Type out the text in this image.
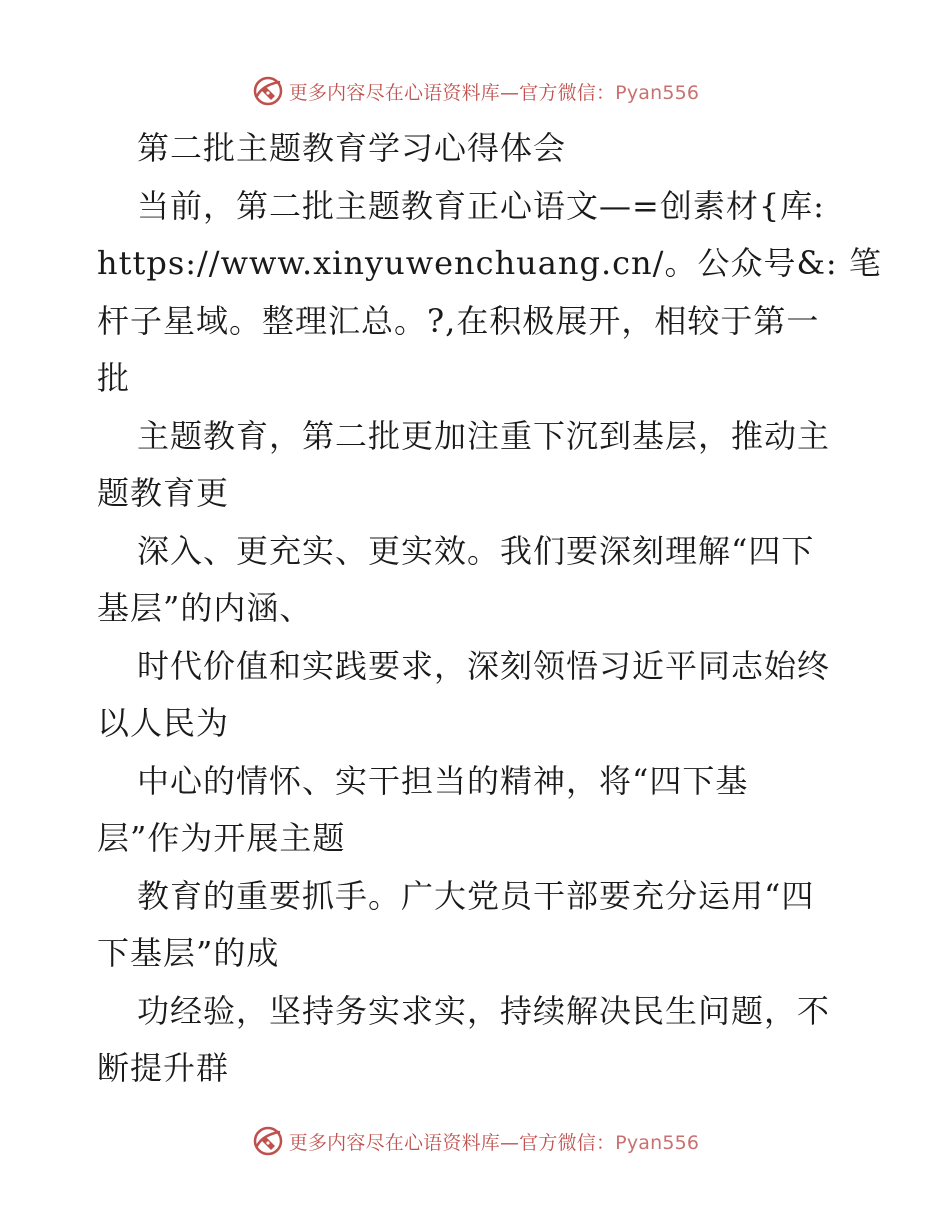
更多内容尽在心语资料库—官方微信：Pyan556
第二批主题教育学习心得体会
当前，第二批主题教育正心语文—=创素材{库:
https://www.xinyuwenchuang.cn/。公众号&: 笔
杆子星域。整理汇总。?,在积极展开，相较于第一
批
主题教育，第二批更加注重下沉到基层，推动主
题教育更
深入、更充实、更实效。我们要深刻理解“四下
基层”的内涵、
时代价值和实践要求，深刻领悟习近平同志始终
以人民为
中心的情怀、实干担当的精神，将“四下基
层”作为开展主题
教育的重要抓手。广大党员干部要充分运用“四
下基层”的成
功经验，坚持务实求实，持续解决民生问题，不
断提升群
更多内容尽在心语资料库—官方微信：Pyan556
